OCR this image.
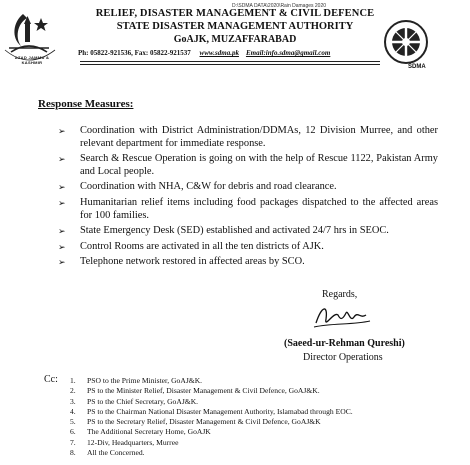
D:\SDMA DATA\2020\Rain Damages 2020
AZAD JAMMU & KASHMIR
SDMA
RELIEF, DISASTER MANAGEMENT & CIVIL DEFENCE
STATE DISASTER MANAGEMENT AUTHORITY
GoAJK, MUZAFFARABAD
Ph: 05822-921536, Fax: 05822-921537 www.sdma.pk Email:info.sdma@gmail.com
Response Measures:
➢ Coordination with District Administration/DDMAs, 12 Division Murree, and other relevant department for immediate response.
➢ Search & Rescue Operation is going on with the help of Rescue 1122, Pakistan Army and Local people.
➢ Coordination with NHA, C&W for debris and road clearance.
➢ Humanitarian relief items including food packages dispatched to the affected areas for 100 families.
➢ State Emergency Desk (SED) established and activated 24/7 hrs in SEOC.
➢ Control Rooms are activated in all the ten districts of AJK.
➢ Telephone network restored in affected areas by SCO.
Regards,
(Saeed-ur-Rehman Qureshi)
Director Operations
Cc: 1.	PSO to the Prime Minister, GoAJ&K.
2.	PS to the Minister Relief, Disaster Management & Civil Defence, GoAJ&K.
3.	PS to the Chief Secretary, GoAJ&K.
4.	PS to the Chairman National Disaster Management Authority, Islamabad through EOC.
5.	PS to the Secretary Relief, Disaster Management & Civil Defence, GoAJ&K
6.	The Additional Secretary Home, GoAJK
7.	12-Div, Headquarters, Murree
8.	All the Concerned.
